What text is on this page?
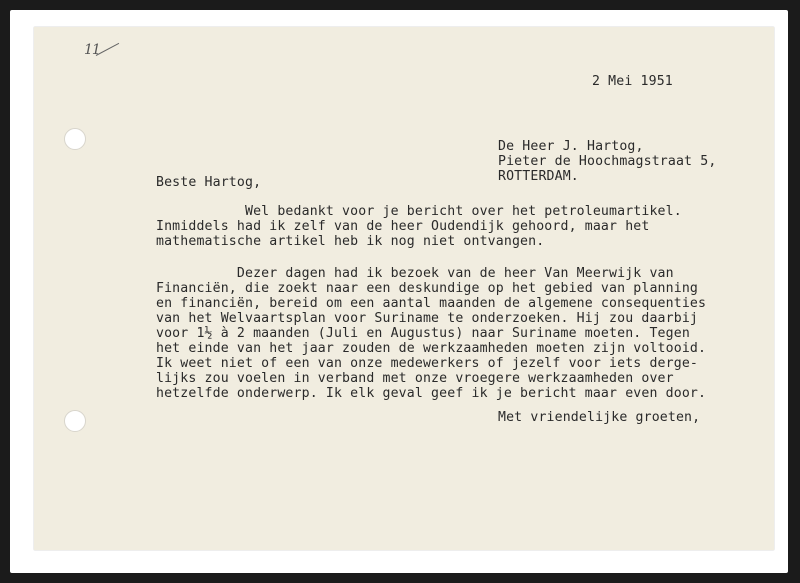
11
2 Mei 1951
De Heer J. Hartog,
Pieter de Hoochmagstraat 5,
ROTTERDAM.
Beste Hartog,
Wel bedankt voor je bericht over het petroleumartikel.
Inmiddels had ik zelf van de heer Oudendijk gehoord, maar het
mathematische artikel heb ik nog niet ontvangen.
Dezer dagen had ik bezoek van de heer Van Meerwijk van
Financiën, die zoekt naar een deskundige op het gebied van planning
en financiën, bereid om een aantal maanden de algemene consequenties
van het Welvaartsplan voor Suriname te onderzoeken. Hij zou daarbij
voor 1½ à 2 maanden (Juli en Augustus) naar Suriname moeten. Tegen
het einde van het jaar zouden de werkzaamheden moeten zijn voltooid.
Ik weet niet of een van onze medewerkers of jezelf voor iets derge-
lijks zou voelen in verband met onze vroegere werkzaamheden over
hetzelfde onderwerp. Ik elk geval geef ik je bericht maar even door.
Met vriendelijke groeten,
